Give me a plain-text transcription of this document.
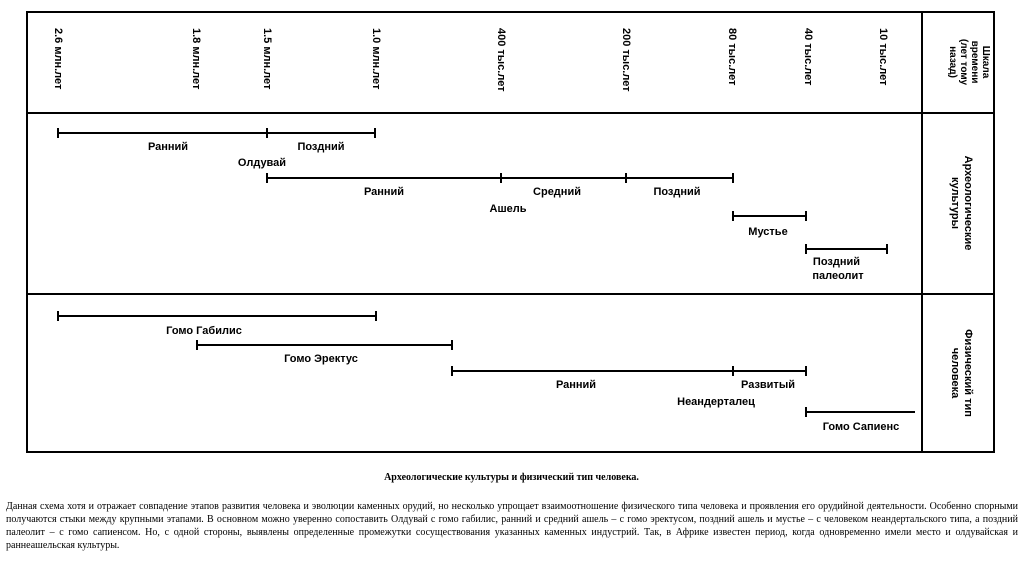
2.6 млн.лет	1.8 млн.лет	1.5 млн.лет	1.0 млн.лет	400 тыс.лет	200 тыс.лет	80 тыс.лет	40 тыс.лет	10 тыс.лет	Шкала
времени
(лет тому
назад)
Археологические
культуры
Физический тип
человека
Ранний	Поздний
Олдувай
Ранний	Средний	Поздний
Ашель
Мустье
Поздний палеолит
Гомо Габилис
Гомо Эректус
Ранний	Развитый
Неандерталец
Гомо Сапиенс
Археологические культуры и физический тип человека.
Данная схема хотя и отражает совпадение этапов развития человека и эволюции каменных орудий, но несколько упрощает взаимоотношение физического типа человека и проявления его орудийной деятельности. Особенно спорными получаются стыки между крупными этапами. В основном можно уверенно сопоставить Олдувай с гомо габилис, ранний и средний ашель – с гомо эректусом, поздний ашель и мустье – с человеком неандертальского типа, а поздний палеолит – с гомо сапиенсом. Но, с одной стороны, выявлены определенные промежутки сосуществования указанных каменных индустрий. Так, в Африке известен период, когда одновременно имели место и олдувайская и раннеашельская культуры.
